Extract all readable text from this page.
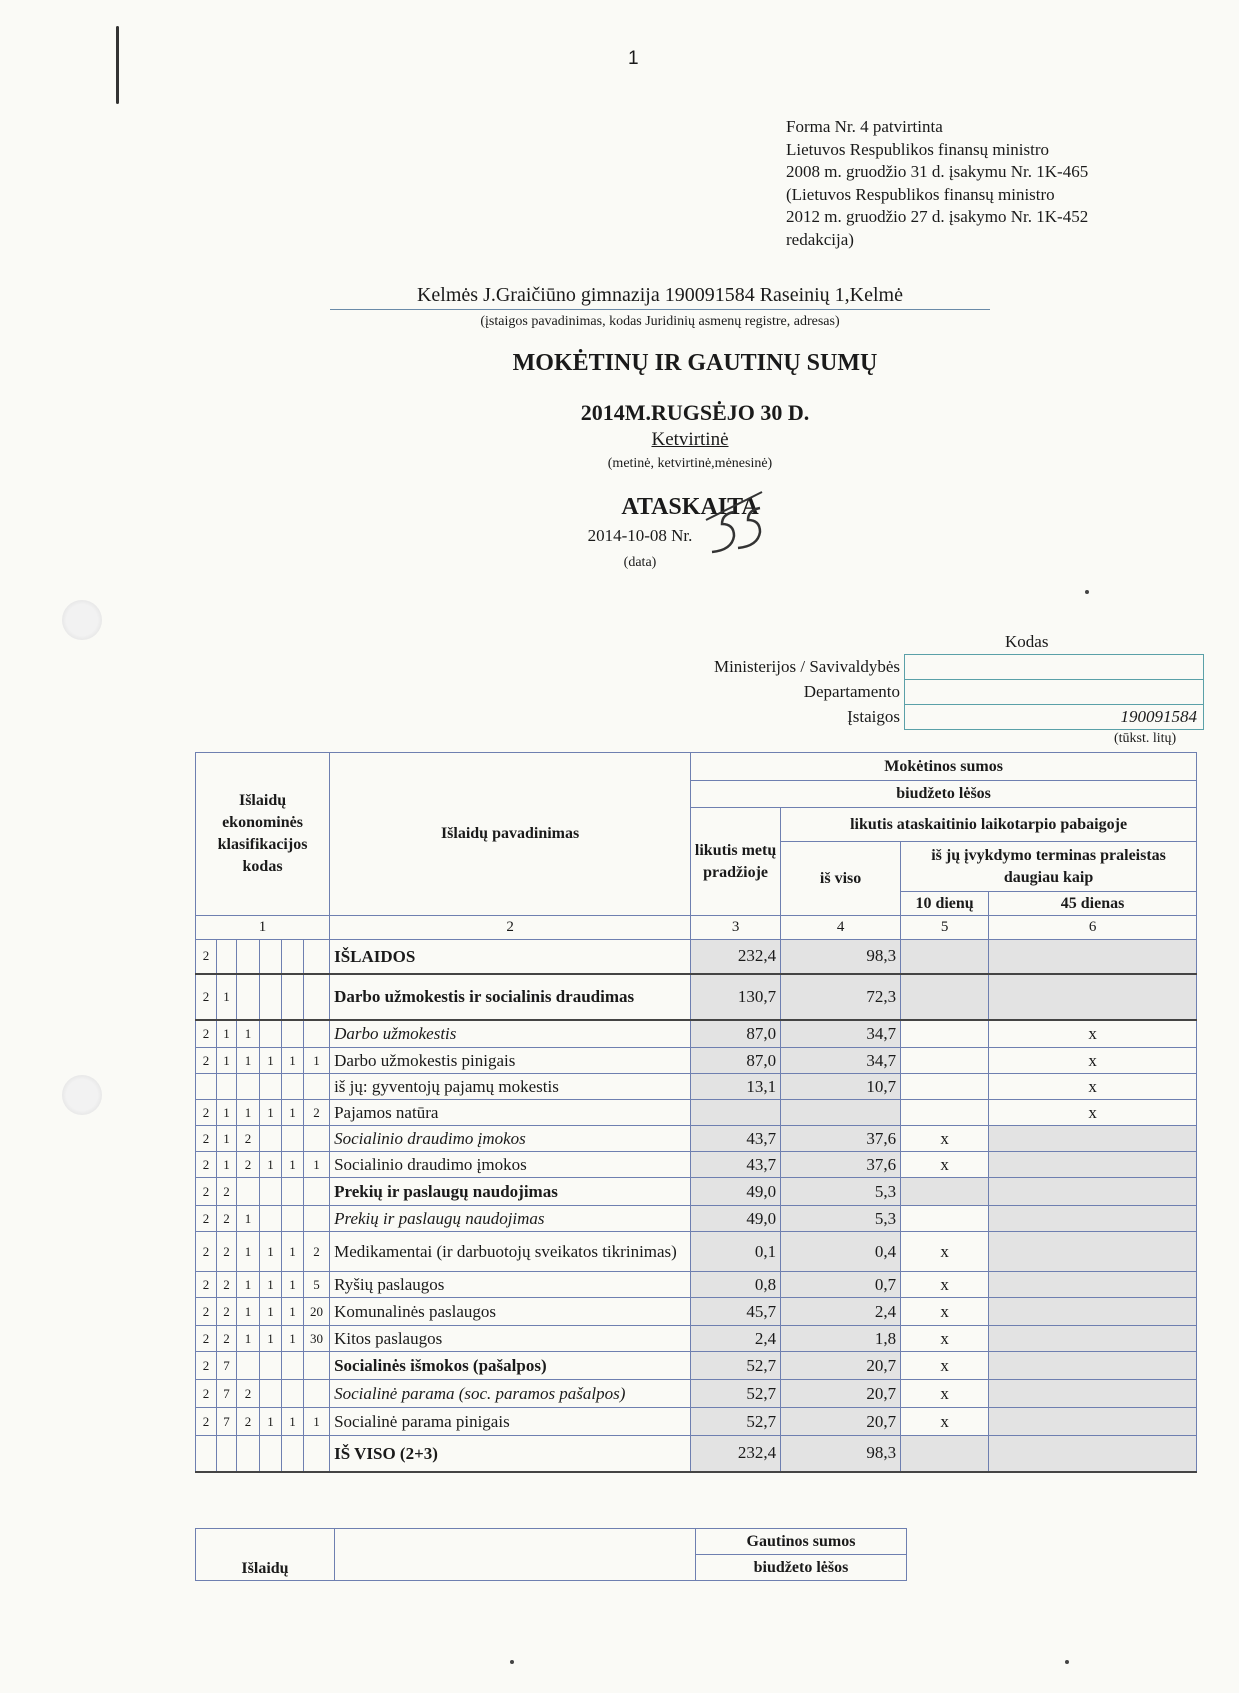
1
Forma Nr. 4 patvirtinta
Lietuvos Respublikos finansų ministro
2008 m. gruodžio 31 d. įsakymu Nr. 1K-465
(Lietuvos Respublikos finansų ministro
2012 m. gruodžio 27 d. įsakymo Nr. 1K-452
redakcija)
Kelmės J.Graičiūno gimnazija 190091584 Raseinių 1,Kelmė
(įstaigos pavadinimas, kodas Juridinių asmenų registre, adresas)
MOKĖTINŲ IR GAUTINŲ SUMŲ
2014M.RUGSĖJO 30 D.
Ketvirtinė
(metinė, ketvirtinė,mėnesinė)
ATASKAITA
2014-10-08 Nr.
(data)
Kodas
Ministerijos / Savivaldybės	
Departamento	
Įstaigos	190091584
(tūkst. litų)
Išlaidų ekonominės klasifikacijos kodas						Išlaidų pavadinimas	Mokėtinos sumos			
							biudžeto lėšos			
							likutis metų pradžioje	likutis ataskaitinio laikotarpio pabaigoje		
								iš viso	iš jų įvykdymo terminas praleistas daugiau kaip	
									10 dienų	45 dienas
1						2	3	4	5	6
2						IŠLAIDOS	232,4	98,3		
2	1					Darbo užmokestis ir socialinis draudimas	130,7	72,3		
2	1	1				Darbo užmokestis	87,0	34,7		x
2	1	1	1	1	1	Darbo užmokestis pinigais	87,0	34,7		x
						iš jų: gyventojų pajamų mokestis	13,1	10,7		x
2	1	1	1	1	2	Pajamos natūra				x
2	1	2				Socialinio draudimo įmokos	43,7	37,6	x	
2	1	2	1	1	1	Socialinio draudimo įmokos	43,7	37,6	x	
2	2					Prekių ir paslaugų naudojimas	49,0	5,3		
2	2	1				Prekių ir paslaugų naudojimas	49,0	5,3		
2	2	1	1	1	2	Medikamentai (ir darbuotojų sveikatos tikrinimas)	0,1	0,4	x	
2	2	1	1	1	5	Ryšių paslaugos	0,8	0,7	x	
2	2	1	1	1	20	Komunalinės paslaugos	45,7	2,4	x	
2	2	1	1	1	30	Kitos paslaugos	2,4	1,8	x	
2	7					Socialinės išmokos (pašalpos)	52,7	20,7	x	
2	7	2				Socialinė parama (soc. paramos pašalpos)	52,7	20,7	x	
2	7	2	1	1	1	Socialinė parama pinigais	52,7	20,7	x	
						IŠ VISO (2+3)	232,4	98,3		
Išlaidų		Gautinos sumos
biudžeto lėšos
